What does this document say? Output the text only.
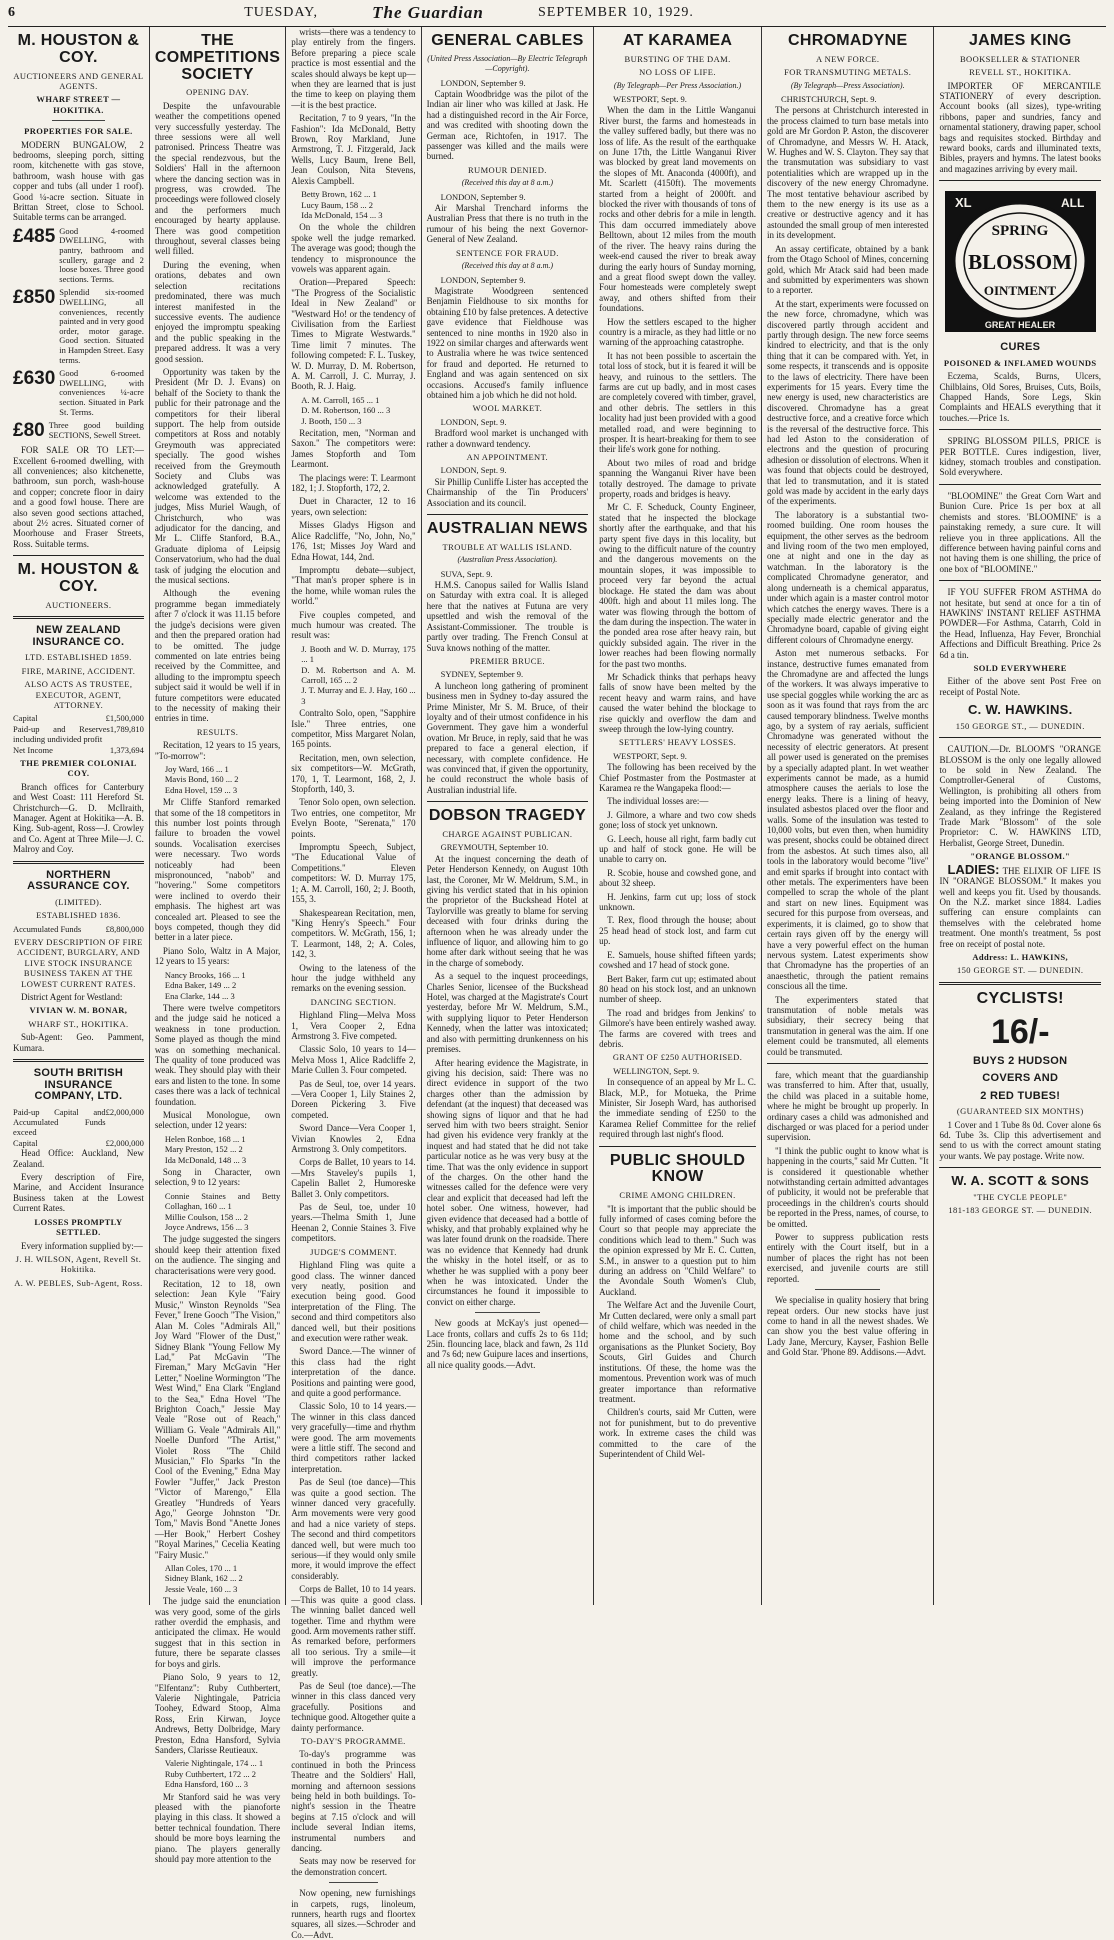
6	TUESDAY,	The Guardian	SEPTEMBER 10, 1929.
M. HOUSTON & COY.
AUCTIONEERS AND GENERAL AGENTS.
WHARF STREET — HOKITIKA.
PROPERTIES FOR SALE.

MODERN BUNGALOW, 2 bedrooms, sleeping porch, sitting room, kitchenette with gas stove, bathroom, wash house with gas copper and tubs (all under 1 roof). Good ¼-acre section. Situate in Brittan Street, close to School. Suitable terms can be arranged.

£485 Good 4-roomed DWELLING, with pantry, bathroom and scullery, garage and 2 loose boxes. Three good sections. Terms.
£850 Splendid six-roomed DWELLING, all conveniences, recently painted and in very good order, motor garage. Good section. Situated in Hampden Street. Easy terms.
£630 Good 6-roomed DWELLING, with conveniences ¼-acre section. Situated in Park St. Terms.
£80 Three good building SECTIONS, Sewell Street.

FOR SALE OR TO LET:—Excellent 6-roomed dwelling, with all conveniences; also kitchenette, bathroom, sun porch, wash-house and copper; concrete floor in dairy and a good fowl house. There are also seven good sections attached, about 2½ acres. Situated corner of Moorhouse and Fraser Streets, Ross. Suitable terms.

M. HOUSTON & COY.
AUCTIONEERS.
NEW ZEALAND INSURANCE CO.
LTD. ESTABLISHED 1859.
FIRE, MARINE, ACCIDENT.
ALSO ACTS AS TRUSTEE, EXECUTOR, AGENT, ATTORNEY.
Capital	£1,500,000
Paid-up and Reserves including undivided profit
1,789,810
Net Income	1,373,694
THE PREMIER COLONIAL COY.

Branch offices for Canterbury and West Coast: 111 Hereford St. Christchurch—G. D. McIlraith, Manager. Agent at Hokitika—A. B. King. Sub-agent, Ross—J. Crowley and Co. Agent at Three Mile—J. C. Malroy and Coy.

NORTHERN ASSURANCE COY.
(LIMITED).
ESTABLISHED 1836.
Accumulated Funds	£8,800,000
EVERY DESCRIPTION OF FIRE ACCIDENT, BURGLARY, AND LIVE STOCK INSURANCE BUSINESS TAKEN AT THE LOWEST CURRENT RATES.

District Agent for Westland:

VIVIAN W. M. BONAR,
WHARF ST., HOKITIKA.

Sub-Agent: Geo. Pamment, Kumara.

SOUTH BRITISH INSURANCE COMPANY, LTD.
Paid-up Capital and Accumulated Funds exceed
£2,000,000
Capital	£2,000,000

Head Office: Auckland, New Zealand.

Every description of Fire, Marine, and Accident Insurance Business taken at the Lowest Current Rates.

LOSSES PROMPTLY SETTLED.

Every information supplied by:—

J. H. WILSON, Agent, Revell St. Hokitika.
A. W. PEBLES, Sub-Agent, Ross.
THE COMPETITIONS SOCIETY
OPENING DAY.

Despite the unfavourable weather the competitions opened very successfully yesterday. The three sessions were all well patronised. Princess Theatre was the special rendezvous, but the Soldiers' Hall in the afternoon where the dancing section was in progress, was crowded. The proceedings were followed closely and the performers much encouraged by hearty applause. There was good competition throughout, several classes being well filled.

During the evening, when orations, debates and own selection recitations predominated, there was much interest manifested in the successive events. The audience enjoyed the impromptu speaking and the public speaking in the prepared address. It was a very good session.

Opportunity was taken by the President (Mr D. J. Evans) on behalf of the Society to thank the public for their patronage and the competitors for their liberal support. The help from outside competitors at Ross and notably Greymouth was appreciated specially. The good wishes received from the Greymouth Society and Clubs was acknowledged gratefully. A welcome was extended to the judges, Miss Muriel Waugh, of Christchurch, who was adjudicator for the dancing, and Mr L. Cliffe Stanford, B.A., Graduate diploma of Leipsig Conservatorium, who had the dual task of judging the elocution and the musical sections.

Although the evening programme began immediately after 7 o'clock it was 11.15 before the judge's decisions were given and then the prepared oration had to be omitted. The judge commented on late entries being received by the Committee, and alluding to the impromptu speech subject said it would be well if in future competitors were educated to the necessity of making their entries in time.

RESULTS.

Recitation, 12 years to 15 years, "To-morrow":

Joy Ward, 166 ... 1
Mavis Bond, 160 ... 2
Edna Hovel, 159 ... 3

Mr Cliffe Stanford remarked that some of the 18 competitors in this number lost points through failure to broaden the vowel sounds. Vocalisation exercises were necessary. Two words noticeably had been mispronounced, "nabob" and "hovering." Some competitors were inclined to overdo their emphasis. The highest art was concealed art. Pleased to see the boys competed, though they did better in a later piece.

Piano Solo, Waltz in A Major, 12 years to 15 years:

Nancy Brooks, 166 ... 1
Edna Baker, 149 ... 2
Ena Clarke, 144 ... 3

There were twelve competitors and the judge said he noticed a weakness in tone production. Some played as though the mind was on something mechanical. The quality of tone produced was weak. They should play with their ears and listen to the tone. In some cases there was a lack of technical foundation.

Musical Monologue, own selection, under 12 years:

Helen Ronboe, 168 ... 1
Mary Preston, 152 ... 2
Ida McDonald, 148 ... 3

Song in Character, own selection, 9 to 12 years:

Connie Staines and Betty Collaghan, 160 ... 1
Millie Coulson, 158 ... 2
Joyce Andrews, 156 ... 3

The judge suggested the singers should keep their attention fixed on the audience. The singing and characterisations were very good.

Recitation, 12 to 18, own selection: Jean Kyle "Fairy Music," Winston Reynolds "Sea Fever," Irene Gooch "The Vision," Alan M. Coles "Admirals All," Joy Ward "Flower of the Dust," Sidney Blank "Young Fellow My Lad," Pat McGavin "The Fireman," Mary McGavin "Her Letter," Noeline Wormington "The West Wind," Ena Clark "England to the Sea," Edna Hovel "The Brighton Coach," Jessie May Veale "Rose out of Reach," William G. Veale "Admirals All," Noelle Dunford "The Artist," Violet Ross "The Child Musician," Flo Sparks "In the Cool of the Evening," Edna May Fowler "Juffer," Jack Preston "Victor of Marengo," Ella Greatley "Hundreds of Years Ago," George Johnston "Dr. Tom," Mavis Bond "Anette Jones—Her Book," Herbert Coshey "Royal Marines," Cecelia Keating "Fairy Music."

Allan Coles, 170 ... 1
Sidney Blank, 162 ... 2
Jessie Veale, 160 ... 3

The judge said the enunciation was very good, some of the girls rather overdid the emphasis, and anticipated the climax. He would suggest that in this section in future, there be separate classes for boys and girls.

Piano Solo, 9 years to 12, "Elfentanz": Ruby Cuthbertert, Valerie Nightingale, Patricia Toohey, Edward Stoop, Alma Ross, Erin Kirwan, Joyce Andrews, Betty Dolbridge, Mary Preston, Edna Hansford, Sylvia Sanders, Clarisse Reutieaux.

Valerie Nightingale, 174 ... 1
Ruby Cuthbertert, 172 ... 2
Edna Hansford, 160 ... 3

Mr Stanford said he was very pleased with the pianoforte playing in this class. It showed a better technical foundation. There should be more boys learning the piano. The players generally should pay more attention to the

wrists—there was a tendency to play entirely from the fingers. Before preparing a piece scale practice is most essential and the scales should always be kept up—when they are learned that is just the time to keep on playing them—it is the best practice.

Recitation, 7 to 9 years, "In the Fashion": Ida McDonald, Betty Brown, Roy Markland, June Armstrong, T. J. Fitzgerald, Jack Wells, Lucy Baum, Irene Bell, Jean Coulson, Nita Stevens, Alexis Campbell.

Betty Brown, 162 ... 1
Lucy Baum, 158 ... 2
Ida McDonald, 154 ... 3

On the whole the children spoke well the judge remarked. The average was good; though the tendency to mispronounce the vowels was apparent again.

Oration—Prepared Speech: "The Progress of the Socialistic Ideal in New Zealand" or "Westward Ho! or the tendency of Civilisation from the Earliest Times to Migrate Westwards." Time limit 7 minutes. The following competed: F. L. Tuskey, W. D. Murray, D. M. Robertson, A. M. Carroll, J. C. Murray, J. Booth, R. J. Haig.

A. M. Carroll, 165 ... 1
D. M. Robertson, 160 ... 3
J. Booth, 150 ... 3

Recitation, men, "Norman and Saxon." The competitors were: James Stopforth and Tom Learmont.

The placings were: T. Learmont 182, 1; J. Stopforth, 172, 2.

Duet in Character, 12 to 16 years, own selection:

Misses Gladys Higson and Alice Radcliffe, "No, John, No," 176, 1st; Misses Joy Ward and Edna Howat, 144, 2nd.

Impromptu debate—subject, "That man's proper sphere is in the home, while woman rules the world."

Five couples competed, and much humour was created. The result was:

J. Booth and W. D. Murray, 175 ... 1
D. M. Robertson and A. M. Carroll, 165 ... 2
J. T. Murray and E. J. Hay, 160 ... 3

Contralto Solo, open, "Sapphire Isle." Three entries, one competitor, Miss Margaret Nolan, 165 points.

Recitation, men, own selection, six competitors—W. McGrath, 170, 1, T. Learmont, 168, 2, J. Stopforth, 140, 3.

Tenor Solo open, own selection. Two entries, one competitor, Mr Evelyn Boote, "Serenata," 170 points.

Impromptu Speech, Subject, "The Educational Value of Competitions." Eleven competitors: W. D. Murray 175, 1; A. M. Carroll, 160, 2; J. Booth, 155, 3.

Shakespearean Recitation, men, "King Henry's Speech." Four competitors. W. McGrath, 156, 1; T. Learmont, 148, 2; A. Coles, 142, 3.

Owing to the lateness of the hour the judge withheld any remarks on the evening session.

DANCING SECTION.

Highland Fling—Melva Moss 1, Vera Cooper 2, Edna Armstrong 3. Five competed.

Classic Solo, 10 years to 14—Melva Moss 1, Alice Radcliffe 2, Marie Cullen 3. Four competed.

Pas de Seul, toe, over 14 years.—Vera Cooper 1, Lily Staines 2, Doreen Pickering 3. Five competed.

Sword Dance—Vera Cooper 1, Vivian Knowles 2, Edna Armstrong 3. Only competitors.

Corps de Ballet, 10 years to 14.—Mrs Staveley's pupils 1, Capelin Ballet 2, Humoreske Ballet 3. Only competitors.

Pas de Seul, toe, under 10 years.—Thelma Smith 1, June Heenan 2, Connie Staines 3. Five competitors.

JUDGE'S COMMENT.

Highland Fling was quite a good class. The winner danced very neatly, position and execution being good. Good interpretation of the Fling. The second and third competitors also danced well, but their positions and execution were rather weak.

Sword Dance.—The winner of this class had the right interpretation of the dance. Positions and painting were good, and quite a good performance.

Classic Solo, 10 to 14 years.—The winner in this class danced very gracefully—time and rhythm were good. The arm movements were a little stiff. The second and third competitors rather lacked interpretation.

Pas de Seul (toe dance)—This was quite a good section. The winner danced very gracefully. Arm movements were very good and had a nice variety of steps. The second and third competitors danced well, but were much too serious—if they would only smile more, it would improve the effect considerably.

Corps de Ballet, 10 to 14 years.—This was quite a good class. The winning ballet danced well together. Time and rhythm were good. Arm movements rather stiff. As remarked before, performers all too serious. Try a smile—it will improve the performance greatly.

Pas de Seul (toe dance).—The winner in this class danced very gracefully. Positions and technique good. Altogether quite a dainty performance.

TO-DAY'S PROGRAMME.

To-day's programme was continued in both the Princess Theatre and the Soldiers' Hall, morning and afternoon sessions being held in both buildings. To-night's session in the Theatre begins at 7.15 o'clock and will include several Indian items, instrumental numbers and dancing.

Seats may now be reserved for the demonstration concert.

Now opening, new furnishings in carpets, rugs, linoleum, runners, hearth rugs and floortex squares, all sizes.—Schroder and Co.—Advt.

GENERAL CABLES
(United Press Association—By Electric Telegraph—Copyright).
LONDON, September 9.

Captain Woodbridge was the pilot of the Indian air liner who was killed at Jask. He had a distinguished record in the Air Force, and was credited with shooting down the German ace, Richtofen, in 1917. The passenger was killed and the mails were burned.

RUMOUR DENIED.
(Received this day at 8 a.m.)
LONDON, September 9.

Air Marshal Trenchard informs the Australian Press that there is no truth in the rumour of his being the next Governor-General of New Zealand.

SENTENCE FOR FRAUD.
(Received this day at 8 a.m.)
LONDON, September 9.

Magistrate Woodgreen sentenced Benjamin Fieldhouse to six months for obtaining £10 by false pretences. A detective gave evidence that Fieldhouse was sentenced to nine months in 1920 also in 1922 on similar charges and afterwards went to Australia where he was twice sentenced for fraud and deported. He returned to England and was again sentenced on six occasions. Accused's family influence obtained him a job which he did not hold.

WOOL MARKET.
LONDON, Sept. 9.

Bradford wool market is unchanged with rather a downward tendency.

AN APPOINTMENT.
LONDON, Sept. 9.

Sir Phillip Cunliffe Lister has accepted the Chairmanship of the Tin Producers' Association and its council.

AUSTRALIAN NEWS
TROUBLE AT WALLIS ISLAND.
(Australian Press Association).
SUVA, Sept. 9.

H.M.S. Canopus sailed for Wallis Island on Saturday with extra coal. It is alleged here that the natives at Futuna are very upsettled and wish the removal of the Assistant-Commissioner. The trouble is partly over trading. The French Consul at Suva knows nothing of the matter.

PREMIER BRUCE.
SYDNEY, September 9.

A luncheon long gathering of prominent business men in Sydney to-day assured the Prime Minister, Mr S. M. Bruce, of their loyalty and of their utmost confidence in his Government. They gave him a wonderful ovation. Mr Bruce, in reply, said that he was prepared to face a general election, if necessary, with complete confidence. He was convinced that, if given the opportunity, he could reconstruct the whole basis of Australian industrial life.

DOBSON TRAGEDY
CHARGE AGAINST PUBLICAN.
GREYMOUTH, September 10.

At the inquest concerning the death of Peter Henderson Kennedy, on August 10th last, the Coroner, Mr W. Meldrum, S.M., in giving his verdict stated that in his opinion the proprietor of the Buckshead Hotel at Taylorville was greatly to blame for serving deceased with four drinks during the afternoon when he was already under the influence of liquor, and allowing him to go home after dark without seeing that he was in the charge of somebody.

As a sequel to the inquest proceedings, Charles Senior, licensee of the Buckshead Hotel, was charged at the Magistrate's Court yesterday, before Mr W. Meldrum, S.M., with supplying liquor to Peter Henderson Kennedy, when the latter was intoxicated; and also with permitting drunkenness on his premises.

After hearing evidence the Magistrate, in giving his decision, said: There was no direct evidence in support of the two charges other than the admission by defendant (at the inquest) that deceased was showing signs of liquor and that he had served him with two beers straight. Senior had given his evidence very frankly at the inquest and had stated that he did not take particular notice as he was very busy at the time. That was the only evidence in support of the charges. On the other hand the witnesses called for the defence were very clear and explicit that deceased had left the hotel sober. One witness, however, had given evidence that deceased had a bottle of whisky, and that probably explained why he was later found drunk on the roadside. There was no evidence that Kennedy had drunk the whisky in the hotel itself, or as to whether he was supplied with a pony beer when he was intoxicated. Under the circumstances he found it impossible to convict on either charge.

New goods at McKay's just opened—Lace fronts, collars and cuffs 2s to 6s 11d; 25in. flouncing lace, black and fawn, 2s 11d and 7s 6d; new Guipure laces and insertions, all nice quality goods.—Advt.

AT KARAMEA
BURSTING OF THE DAM.
NO LOSS OF LIFE.
(By Telegraph—Per Press Association.)
WESTPORT, Sept. 9.

When the dam in the Little Wanganui River burst, the farms and homesteads in the valley suffered badly, but there was no loss of life. As the result of the earthquake on June 17th, the Little Wanganui River was blocked by great land movements on the slopes of Mt. Anaconda (4000ft), and Mt. Scarlett (4150ft). The movements started from a height of 2000ft. and blocked the river with thousands of tons of rocks and other debris for a mile in length. This dam occurred immediately above Belltown, about 12 miles from the mouth of the river. The heavy rains during the week-end caused the river to break away during the early hours of Sunday morning, and a great flood swept down the valley. Four homesteads were completely swept away, and others shifted from their foundations.

How the settlers escaped to the higher country is a miracle, as they had little or no warning of the approaching catastrophe.

It has not been possible to ascertain the total loss of stock, but it is feared it will be heavy, and ruinous to the settlers. The farms are cut up badly, and in most cases are completely covered with timber, gravel, and other debris. The settlers in this locality had just been provided with a good metalled road, and were beginning to prosper. It is heart-breaking for them to see their life's work gone for nothing.

About two miles of road and bridge spanning the Wanganui River have been totally destroyed. The damage to private property, roads and bridges is heavy.

Mr C. F. Scheduck, County Engineer, stated that he inspected the blockage shortly after the earthquake, and that his party spent five days in this locality, but owing to the difficult nature of the country and the dangerous movements on the mountain slopes, it was impossible to proceed very far beyond the actual blockage. He stated the dam was about 400ft. high and about 11 miles long. The water was flowing through the bottom of the dam during the inspection. The water in the ponded area rose after heavy rain, but quickly subsided again. The river in the lower reaches had been flowing normally for the past two months.

Mr Schadick thinks that perhaps heavy falls of snow have been melted by the recent heavy and warm rains, and have caused the water behind the blockage to rise quickly and overflow the dam and sweep through the low-lying country.

SETTLERS' HEAVY LOSSES.
WESTPORT, Sept. 9.

The following has been received by the Chief Postmaster from the Postmaster at Karamea re the Wangapeka flood:—

The individual losses are:—

J. Gilmore, a whare and two cow sheds gone; loss of stock yet unknown.

G. Leech, house all right, farm badly cut up and half of stock gone. He will be unable to carry on.

R. Scobie, house and cowshed gone, and about 32 sheep.

H. Jenkins, farm cut up; loss of stock unknown.

T. Rex, flood through the house; about 25 head head of stock lost, and farm cut up.

E. Samuels, house shifted fifteen yards; cowshed and 17 head of stock gone.

Bert Baker, farm cut up; estimated about 80 head on his stock lost, and an unknown number of sheep.

The road and bridges from Jenkins' to Gilmore's have been entirely washed away. The farms are covered with trees and debris.

GRANT OF £250 AUTHORISED.
WELLINGTON, Sept. 9.

In consequence of an appeal by Mr L. C. Black, M.P., for Motueka, the Prime Minister, Sir Joseph Ward, has authorised the immediate sending of £250 to the Karamea Relief Committee for the relief required through last night's flood.

PUBLIC SHOULD KNOW
CRIME AMONG CHILDREN.

"It is important that the public should be fully informed of cases coming before the Court so that people may appreciate the conditions which lead to them." Such was the opinion expressed by Mr E. C. Cutten, S.M., in answer to a question put to him during an address on "Child Welfare" to the Avondale South Women's Club, Auckland.

The Welfare Act and the Juvenile Court, Mr Cutten declared, were only a small part of child welfare, which was needed in the home and the school, and by such organisations as the Plunket Society, Boy Scouts, Girl Guides and Church institutions. Of these, the home was the momentous. Prevention work was of much greater importance than reformative treatment.

Children's courts, said Mr Cutten, were not for punishment, but to do preventive work. In extreme cases the child was committed to the care of the Superintendent of Child Wel-

CHROMADYNE
A NEW FORCE.
FOR TRANSMUTING METALS.
(By Telegraph—Press Association).
CHRISTCHURCH, Sept. 9.

The persons at Christchurch interested in the process claimed to turn base metals into gold are Mr Gordon P. Aston, the discoverer of Chromadyne, and Messrs W. H. Atack, W. Hughes and W. S. Clayton. They say that the transmutation was subsidiary to vast potentialities which are wrapped up in the discovery of the new energy Chromadyne. The most tentative behaviour ascribed by them to the new energy is its use as a creative or destructive agency and it has astounded the small group of men interested in its development.

An assay certificate, obtained by a bank from the Otago School of Mines, concerning gold, which Mr Atack said had been made and submitted by experimenters was shown to a reporter.

At the start, experiments were focussed on the new force, chromadyne, which was discovered partly through accident and partly through design. The new force seems kindred to electricity, and that is the only thing that it can be compared with. Yet, in some respects, it transcends and is opposite to the laws of electricity. There have been experiments for 15 years. Every time the new energy is used, new characteristics are discovered. Chromadyne has a great destructive force, and a creative force which is the reversal of the destructive force. This had led Aston to the consideration of electrons and the question of procuring adhesion or dissolution of electrons. When it was found that objects could be destroyed, that led to transmutation, and it is stated gold was made by accident in the early days of the experiments.

The laboratory is a substantial two-roomed building. One room houses the equipment, the other serves as the bedroom and living room of the two men employed, one at night and one in the day as watchman. In the laboratory is the complicated Chromadyne generator, and along underneath is a chemical apparatus, under which again is a master control motor which catches the energy waves. There is a specially made electric generator and the Chromadyne board, capable of giving eight different colours of Chromadyne energy.

Aston met numerous setbacks. For instance, destructive fumes emanated from the Chromadyne are and affected the lungs of the workers. It was always imperative to use special goggles while working the arc as soon as it was found that rays from the arc caused temporary blindness. Twelve months ago, by a system of ray aerials, sufficient Chromadyne was generated without the necessity of electric generators. At present all power used is generated on the premises by a specially adapted plant. In wet weather experiments cannot be made, as a humid atmosphere causes the aerials to lose the energy leaks. There is a lining of heavy, insulated asbestos placed over the floor and walls. Some of the insulation was tested to 10,000 volts, but even then, when humidity was present, shocks could be obtained direct from the asbestos. At such times also, all tools in the laboratory would become "live" and emit sparks if brought into contact with other metals. The experimenters have been compelled to scrap the whole of the plant and start on new lines. Equipment was secured for this purpose from overseas, and experiments, it is claimed, go to show that certain rays given off by the energy will have a very powerful effect on the human nervous system. Latest experiments show that Chromadyne has the properties of an anaesthetic, through the patient remains conscious all the time.

The experimenters stated that transmutation of noble metals was subsidiary, their secrecy being that transmutation in general was the aim. If one element could be transmuted, all elements could be transmuted.

fare, which meant that the guardianship was transferred to him. After that, usually, the child was placed in a suitable home, where he might be brought up properly. In ordinary cases a child was admonished and discharged or was placed for a period under supervision.

"I think the public ought to know what is happening in the courts," said Mr Cutten. "It is considered it questionable whether notwithstanding certain admitted advantages of publicity, it would not be preferable that proceedings in the children's courts should be reported in the Press, names, of course, to be omitted.

Power to suppress publication rests entirely with the Court itself, but in a number of places the right has not been exercised, and juvenile courts are still reported.

We specialise in quality hosiery that bring repeat orders. Our new stocks have just come to hand in all the newest shades. We can show you the best value offering in Lady Jane, Mercury, Kayser, Fashion Belle and Gold Star. 'Phone 89. Addisons.—Advt.

JAMES KING
BOOKSELLER & STATIONER
REVELL ST., HOKITIKA.

IMPORTER OF MERCANTILE STATIONERY of every description. Account books (all sizes), type-writing ribbons, paper and sundries, fancy and ornamental stationery, drawing paper, school bags and requisites stocked. Birthday and reward books, cards and illuminated texts, Bibles, prayers and hymns. The latest books and magazines arriving by every mail.

XL	ALL
SPRING
BLOSSOM
OINTMENT
GREAT HEALER
CURES
POISONED & INFLAMED WOUNDS

Eczema, Scalds, Burns, Ulcers, Chilblains, Old Sores, Bruises, Cuts, Boils, Chapped Hands, Sore Legs, Skin Complaints and HEALS everything that it touches.—Price 1s.

SPRING BLOSSOM PILLS, PRICE is PER BOTTLE. Cures indigestion, liver, kidney, stomach troubles and constipation. Sold everywhere.

"BLOOMINE" the Great Corn Wart and Bunion Cure. Price 1s per box at all chemists and stores. 'BLOOMINE' is a painstaking remedy, a sure cure. It will relieve you in three applications. All the difference between having painful corns and not having them is one shilling, the price of one box of "BLOOMINE."

IF YOU SUFFER FROM ASTHMA do not hesitate, but send at once for a tin of HAWKINS' INSTANT RELIEF ASTHMA POWDER—For Asthma, Catarrh, Cold in the Head, Influenza, Hay Fever, Bronchial Affections and Difficult Breathing. Price 2s 6d a tin.

SOLD EVERYWHERE

Either of the above sent Post Free on receipt of Postal Note.

C. W. HAWKINS.
150 GEORGE ST., — DUNEDIN.

CAUTION.—Dr. BLOOM'S "ORANGE BLOSSOM is the only one legally allowed to be sold in New Zealand. The Comptroller-General of Customs, Wellington, is prohibiting all others from being imported into the Dominion of New Zealand, as they infringe the Registered Trade Mark "Blossom" of the sole Proprietor: C. W. HAWKINS LTD, Herbalist, George Street, Dunedin.

"ORANGE BLOSSOM."

LADIES: THE ELIXIR OF LIFE IS IN "ORANGE BLOSSOM." It makes you well and keeps you fit. Used by thousands. On the N.Z. market since 1884. Ladies suffering can ensure complaints can themselves with the celebrated home treatment. One month's treatment, 5s post free on receipt of postal note.

Address: L. HAWKINS,
150 GEORGE ST. — DUNEDIN.
CYCLISTS!
16/-
BUYS 2 HUDSON
COVERS AND
2 RED TUBES!
(GUARANTEED SIX MONTHS)

1 Cover and 1 Tube 8s 0d. Cover alone 6s 6d. Tube 3s. Clip this advertisement and send to us with the correct amount stating your wants. We pay postage. Write now.

W. A. SCOTT & SONS
"THE CYCLE PEOPLE"
181-183 GEORGE ST. — DUNEDIN.
